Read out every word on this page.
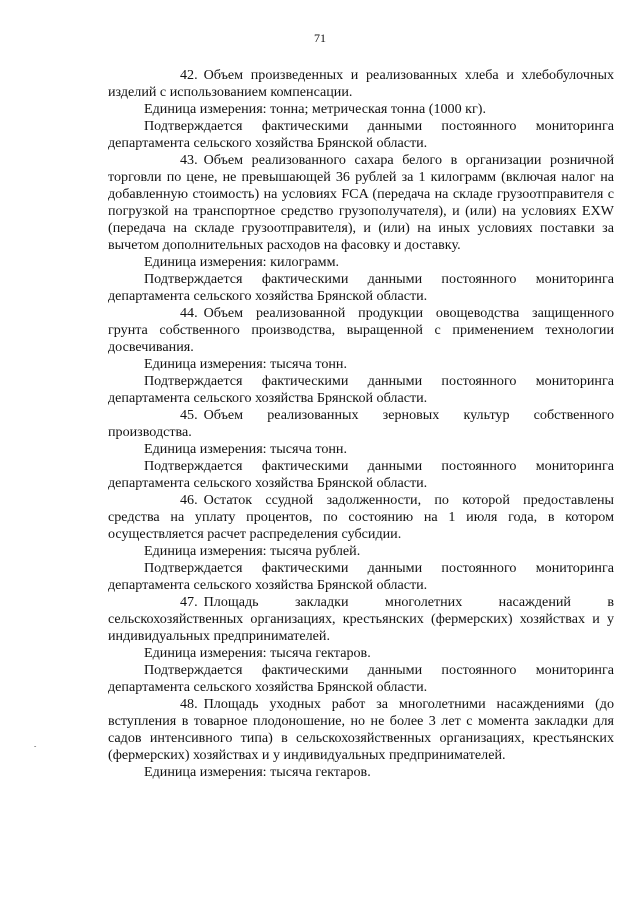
71
-

42. Объем произведенных и реализованных хлеба и хлебобулочных изделий с использованием компенсации.

Единица измерения: тонна; метрическая тонна (1000 кг).

Подтверждается фактическими данными постоянного мониторинга департамента сельского хозяйства Брянской области.

43. Объем реализованного сахара белого в организации розничной торговли по цене, не превышающей 36 рублей за 1 килограмм (включая налог на добавленную стоимость) на условиях FCA (передача на складе грузоотправителя с погрузкой на транспортное средство грузополучателя), и (или) на условиях EXW (передача на складе грузоотправителя), и (или) на иных условиях поставки за вычетом дополнительных расходов на фасовку и доставку.

Единица измерения: килограмм.

Подтверждается фактическими данными постоянного мониторинга департамента сельского хозяйства Брянской области.

44. Объем реализованной продукции овощеводства защищенного грунта собственного производства, выращенной с применением технологии досвечивания.

Единица измерения: тысяча тонн.

Подтверждается фактическими данными постоянного мониторинга департамента сельского хозяйства Брянской области.

45. Объем реализованных зерновых культур собственного производства.

Единица измерения: тысяча тонн.

Подтверждается фактическими данными постоянного мониторинга департамента сельского хозяйства Брянской области.

46. Остаток ссудной задолженности, по которой предоставлены средства на уплату процентов, по состоянию на 1 июля года, в котором осуществляется расчет распределения субсидии.

Единица измерения: тысяча рублей.

Подтверждается фактическими данными постоянного мониторинга департамента сельского хозяйства Брянской области.

47. Площадь закладки многолетних насаждений в сельскохозяйственных организациях, крестьянских (фермерских) хозяйствах и у индивидуальных предпринимателей.

Единица измерения: тысяча гектаров.

Подтверждается фактическими данными постоянного мониторинга департамента сельского хозяйства Брянской области.

48. Площадь уходных работ за многолетними насаждениями (до вступления в товарное плодоношение, но не более 3 лет с момента закладки для садов интенсивного типа) в сельскохозяйственных организациях, крестьянских (фермерских) хозяйствах и у индивидуальных предпринимателей.

Единица измерения: тысяча гектаров.
